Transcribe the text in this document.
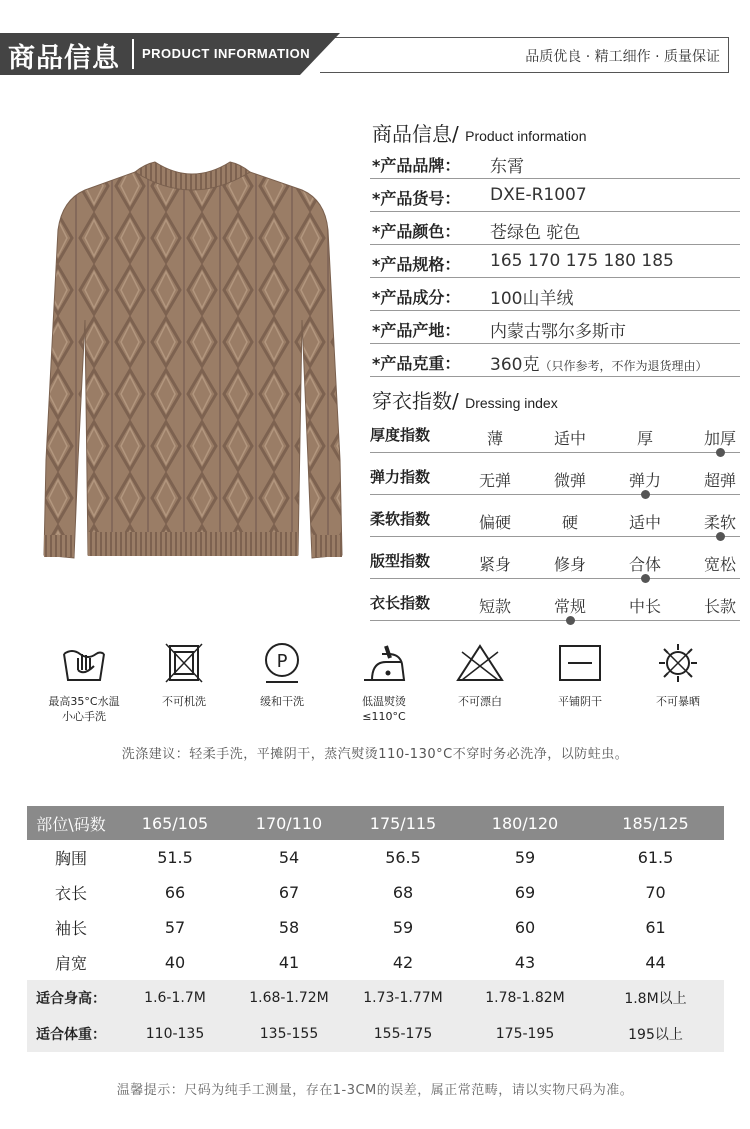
商品信息 PRODUCT INFORMATION	品质优良 · 精工细作 · 质量保证
商品信息/ Product information
*产品品牌： 东霄
*产品货号： DXE-R1007
*产品颜色： 苍绿色 驼色
*产品规格： 165 170 175 180 185
*产品成分： 100山羊绒
*产品产地： 内蒙古鄂尔多斯市
*产品克重： 360克（只作参考，不作为退货理由）
穿衣指数/ Dressing index
厚度指数	薄	适中	厚	加厚
弹力指数	无弹	微弹	弹力	超弹
柔软指数	偏硬	硬	适中	柔软
版型指数	紧身	修身	合体	宽松
衣长指数	短款	常规	中长	长款
最高35°C水温
小心手洗
不可机洗
P
缓和干洗	低温熨烫
≤110°C
不可漂白	平铺阴干	不可暴晒
洗涤建议：轻柔手洗，平摊阴干，蒸汽熨烫110-130°C不穿时务必洗净，以防蛀虫。
部位\码数	165/105	170/110	175/115	180/120	185/125
胸围	51.5	54	56.5	59	61.5
衣长	66	67	68	69	70
袖长	57	58	59	60	61
肩宽	40	41	42	43	44
适合身高：	1.6-1.7M	1.68-1.72M	1.73-1.77M	1.78-1.82M	1.8M以上
适合体重：	110-135	135-155	155-175	175-195	195以上
温馨提示：尺码为纯手工测量，存在1-3CM的误差，属正常范畴，请以实物尺码为准。
